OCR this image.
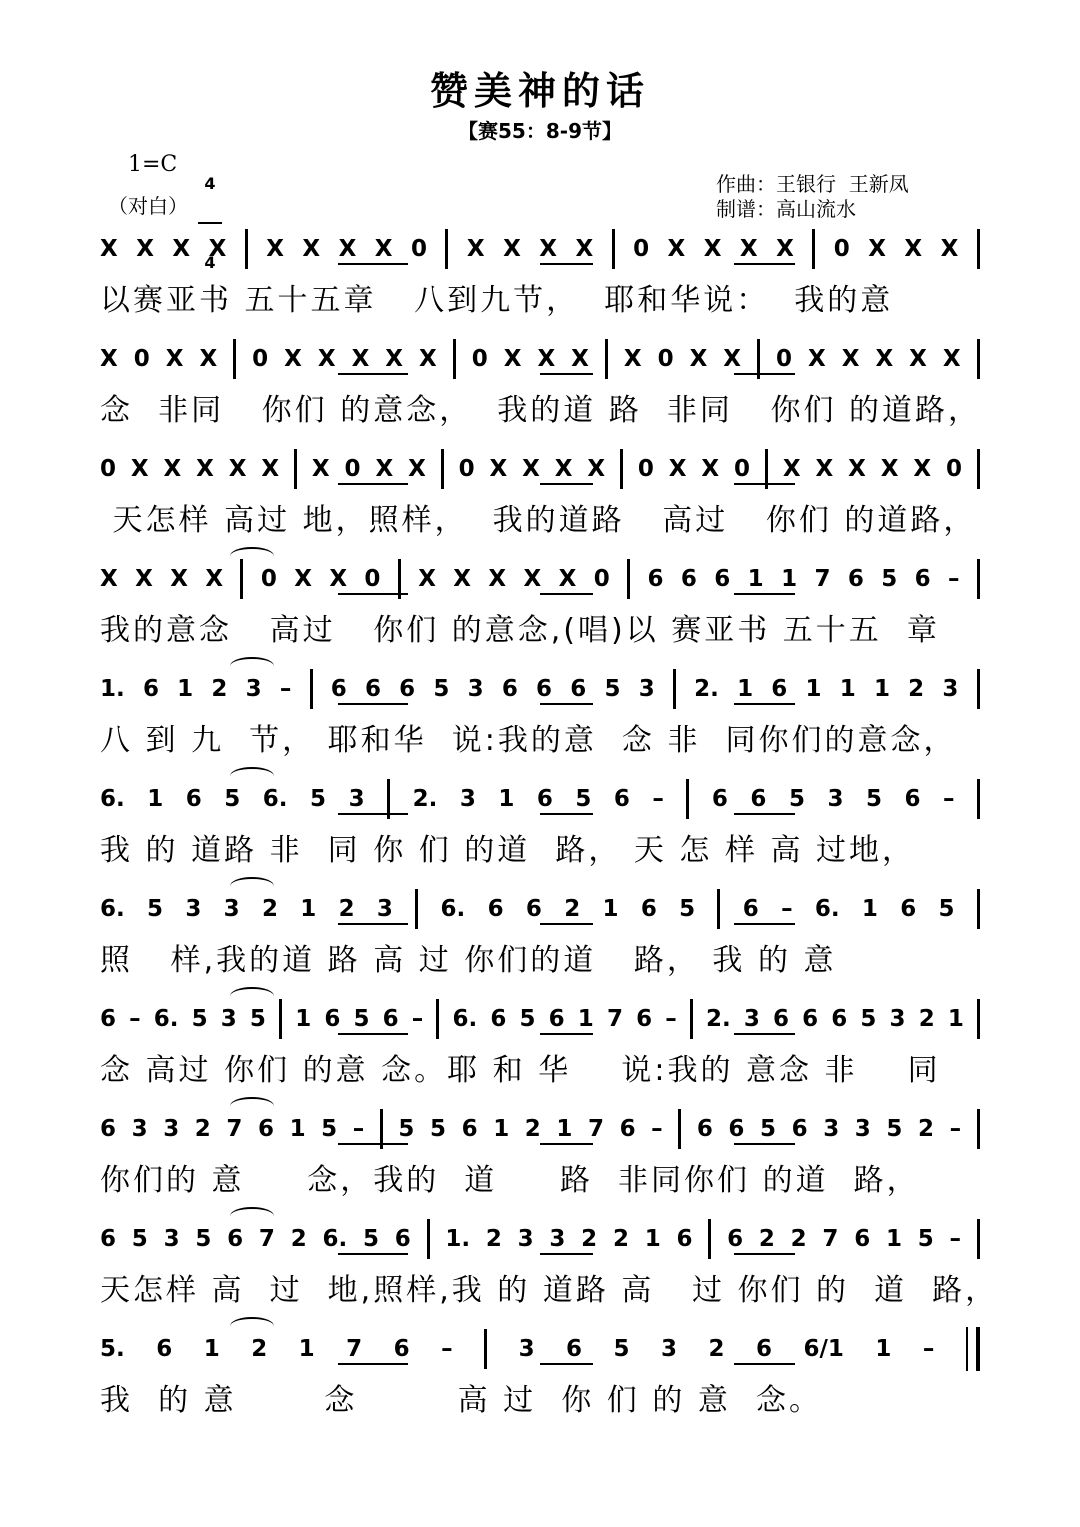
赞美神的话
【赛55：8-9节】
1=C

4

4

（对白）
作曲：王银行  王新凤
制谱：高山流水
X X X X X X X X 0 X X X X 0 X X X X 0 X X X
以赛亚书 五十五章   八到九节，  耶和华说：  我的意
X 0 X X 0 X X X X X 0 X X X X 0 X X 0 X X X X X
念  非同   你们 的意念，  我的道 路  非同   你们 的道路，
0 X X X X X X 0 X X 0 X X X X 0 X X 0 X X X X X 0
天怎样 高过 地，照样，  我的道路   高过   你们 的道路，
X X X X 0 X X 0 X X X X X 0 6 6 6 1 1 7 6 5 6 –
我的意念   高过   你们 的意念,(唱)以 赛亚书 五十五  章
1. 6 1 2 3 – 6 6 6 5 3 6 6 6 5 3 2. 1 6 1 1 1 2 3
八 到 九  节， 耶和华  说:我的意  念 非  同你们的意念，
6. 1 6 5 6. 5 3 2. 3 1 6 5 6 – 6 6 5 3 5 6 –
我 的 道路 非  同 你 们 的道  路， 天 怎 样 高 过地，
6. 5 3 3 2 1 2 3 6. 6 6 2 1 6 5 6 – 6. 1 6 5
照   样,我的道 路 高 过 你们的道   路， 我 的 意
6 – 6. 5 3 5 1 6 5 6 – 6. 6 5 6 1 7 6 – 2. 3 6 6 6 5 3 2 1
念 高过 你们 的意 念。耶 和 华    说:我的 意念 非    同
6 3 3 2 7 6 1 5 – 5 5 6 1 2 1 7 6 – 6 6 5 6 3 3 5 2 –
你们的 意     念，我的  道     路  非同你们 的道  路，
6 5 3 5 6 7 2 6. 5 6 1. 2 3 3 2 2 1 6 6 2 2 7 6 1 5 –
天怎样 高  过  地,照样,我 的 道路 高   过 你们 的  道  路，
5. 6 1 2 1 7 6 –	3 6 5 3 2 6 6/1 1 –
我  的 意       念        高 过  你 们 的 意  念。
